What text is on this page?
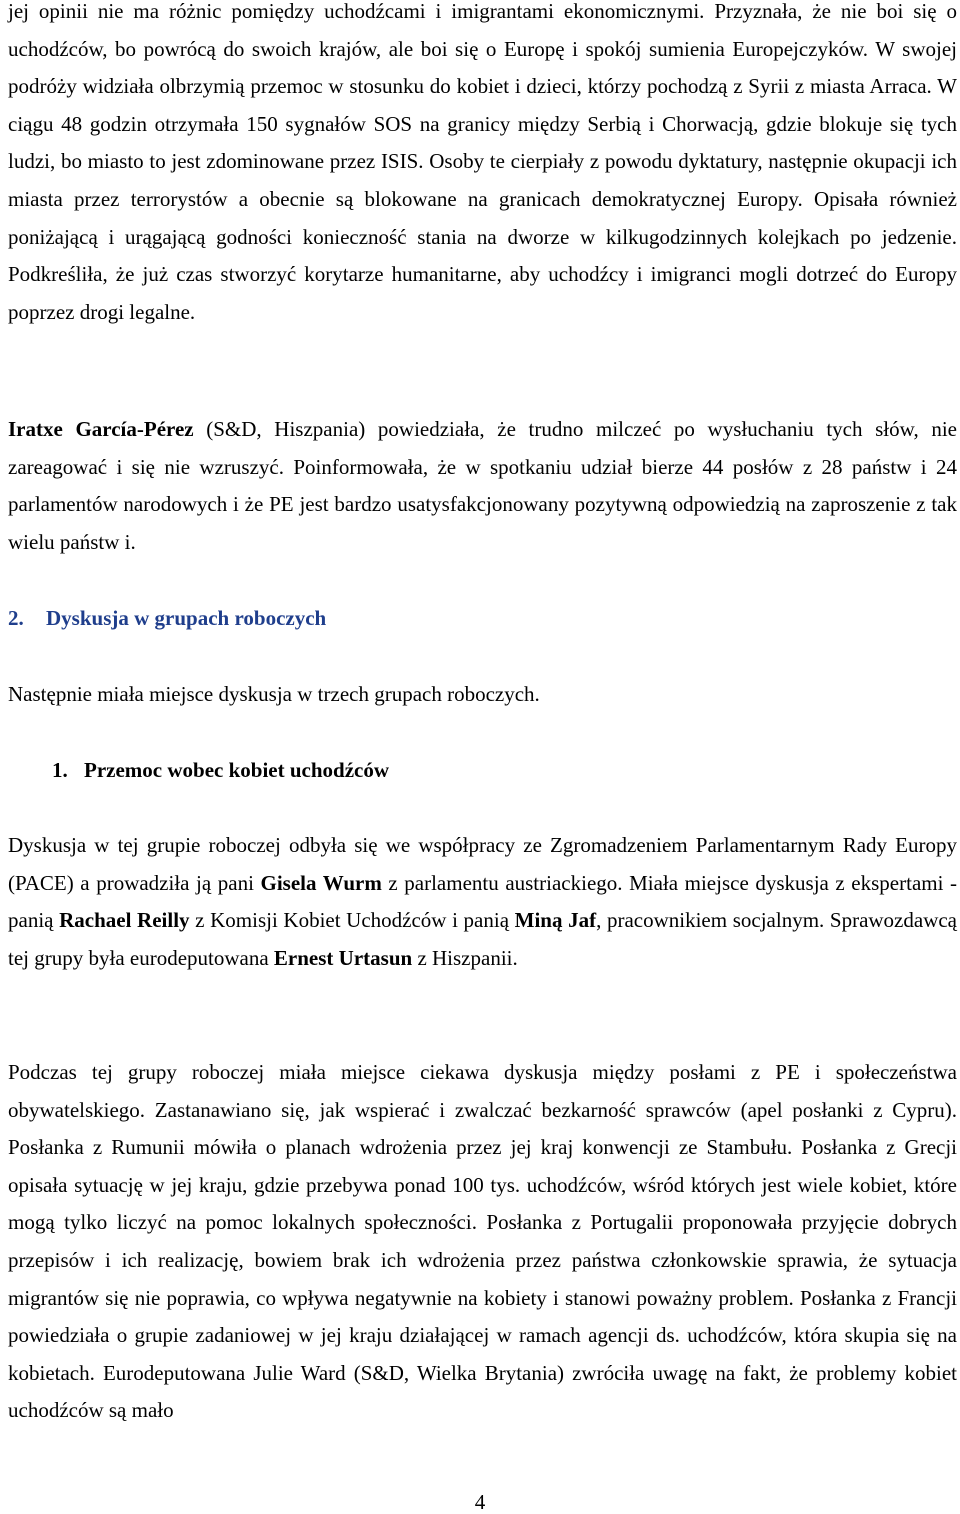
jej opinii nie ma różnic pomiędzy uchodźcami i imigrantami ekonomicznymi. Przyznała, że nie boi się o uchodźców, bo powrócą do swoich krajów, ale boi się o Europę i spokój sumienia Europejczyków. W swojej podróży widziała olbrzymią przemoc w stosunku do kobiet i dzieci, którzy pochodzą z Syrii z miasta Arraca. W ciągu 48 godzin otrzymała 150 sygnałów SOS na granicy między Serbią i Chorwacją, gdzie blokuje się tych ludzi, bo miasto to jest zdominowane przez ISIS. Osoby te cierpiały z powodu dyktatury, następnie okupacji ich miasta przez terrorystów a obecnie są blokowane na granicach demokratycznej Europy. Opisała również poniżającą i urągającą godności konieczność stania na dworze w kilkugodzinnych kolejkach po jedzenie. Podkreśliła, że już czas stworzyć korytarze humanitarne, aby uchodźcy i imigranci mogli dotrzeć do Europy poprzez drogi legalne.

Iratxe García-Pérez (S&D, Hiszpania) powiedziała, że trudno milczeć po wysłuchaniu tych słów, nie zareagować i się nie wzruszyć. Poinformowała, że w spotkaniu udział bierze 44 posłów z 28 państw i 24 parlamentów narodowych i że PE jest bardzo usatysfakcjonowany pozytywną odpowiedzią na zaproszenie z tak wielu państw i.

2. Dyskusja w grupach roboczych

Następnie miała miejsce dyskusja w trzech grupach roboczych.

1. Przemoc wobec kobiet uchodźców

Dyskusja w tej grupie roboczej odbyła się we współpracy ze Zgromadzeniem Parlamentarnym Rady Europy (PACE) a prowadziła ją pani Gisela Wurm z parlamentu austriackiego. Miała miejsce dyskusja z ekspertami - panią Rachael Reilly z Komisji Kobiet Uchodźców i panią Miną Jaf, pracownikiem socjalnym. Sprawozdawcą tej grupy była eurodeputowana Ernest Urtasun z Hiszpanii.

Podczas tej grupy roboczej miała miejsce ciekawa dyskusja między posłami z PE i społeczeństwa obywatelskiego. Zastanawiano się, jak wspierać i zwalczać bezkarność sprawców (apel posłanki z Cypru). Posłanka z Rumunii mówiła o planach wdrożenia przez jej kraj konwencji ze Stambułu. Posłanka z Grecji opisała sytuację w jej kraju, gdzie przebywa ponad 100 tys. uchodźców, wśród których jest wiele kobiet, które mogą tylko liczyć na pomoc lokalnych społeczności. Posłanka z Portugalii proponowała przyjęcie dobrych przepisów i ich realizację, bowiem brak ich wdrożenia przez państwa członkowskie sprawia, że sytuacja migrantów się nie poprawia, co wpływa negatywnie na kobiety i stanowi poważny problem. Posłanka z Francji powiedziała o grupie zadaniowej w jej kraju działającej w ramach agencji ds. uchodźców, która skupia się na kobietach. Eurodeputowana Julie Ward (S&D, Wielka Brytania) zwróciła uwagę na fakt, że problemy kobiet uchodźców są mało

4
